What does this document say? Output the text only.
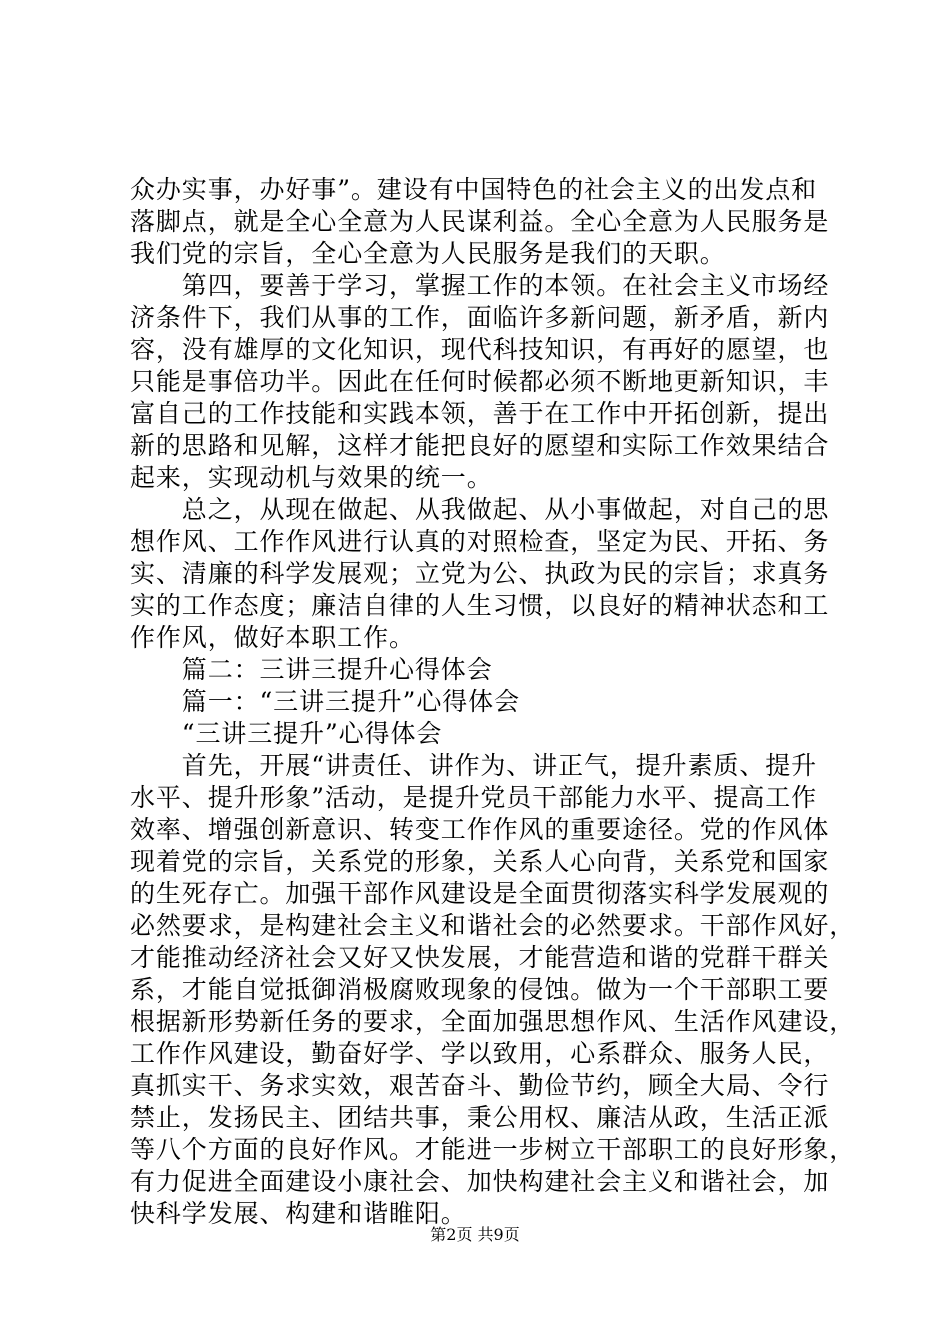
众办实事，办好事”。建设有中国特色的社会主义的出发点和
落脚点，就是全心全意为人民谋利益。全心全意为人民服务是
我们党的宗旨，全心全意为人民服务是我们的天职。
　　第四，要善于学习，掌握工作的本领。在社会主义市场经
济条件下，我们从事的工作，面临许多新问题，新矛盾，新内
容，没有雄厚的文化知识，现代科技知识，有再好的愿望，也
只能是事倍功半。因此在任何时候都必须不断地更新知识，丰
富自己的工作技能和实践本领，善于在工作中开拓创新，提出
新的思路和见解，这样才能把良好的愿望和实际工作效果结合
起来，实现动机与效果的统一。
　　总之，从现在做起、从我做起、从小事做起，对自己的思
想作风、工作作风进行认真的对照检查，坚定为民、开拓、务
实、清廉的科学发展观；立党为公、执政为民的宗旨；求真务
实的工作态度；廉洁自律的人生习惯，以良好的精神状态和工
作作风，做好本职工作。
　　篇二：三讲三提升心得体会
　　篇一：“三讲三提升”心得体会
　　“三讲三提升”心得体会
　　首先，开展“讲责任、讲作为、讲正气，提升素质、提升
水平、提升形象”活动，是提升党员干部能力水平、提高工作
效率、增强创新意识、转变工作作风的重要途径。党的作风体
现着党的宗旨，关系党的形象，关系人心向背，关系党和国家
的生死存亡。加强干部作风建设是全面贯彻落实科学发展观的
必然要求，是构建社会主义和谐社会的必然要求。干部作风好，
才能推动经济社会又好又快发展，才能营造和谐的党群干群关
系，才能自觉抵御消极腐败现象的侵蚀。做为一个干部职工要
根据新形势新任务的要求，全面加强思想作风、生活作风建设，
工作作风建设，勤奋好学、学以致用，心系群众、服务人民，
真抓实干、务求实效，艰苦奋斗、勤俭节约，顾全大局、令行
禁止，发扬民主、团结共事，秉公用权、廉洁从政，生活正派
等八个方面的良好作风。才能进一步树立干部职工的良好形象，
有力促进全面建设小康社会、加快构建社会主义和谐社会，加
快科学发展、构建和谐睢阳。
第2页 共9页
